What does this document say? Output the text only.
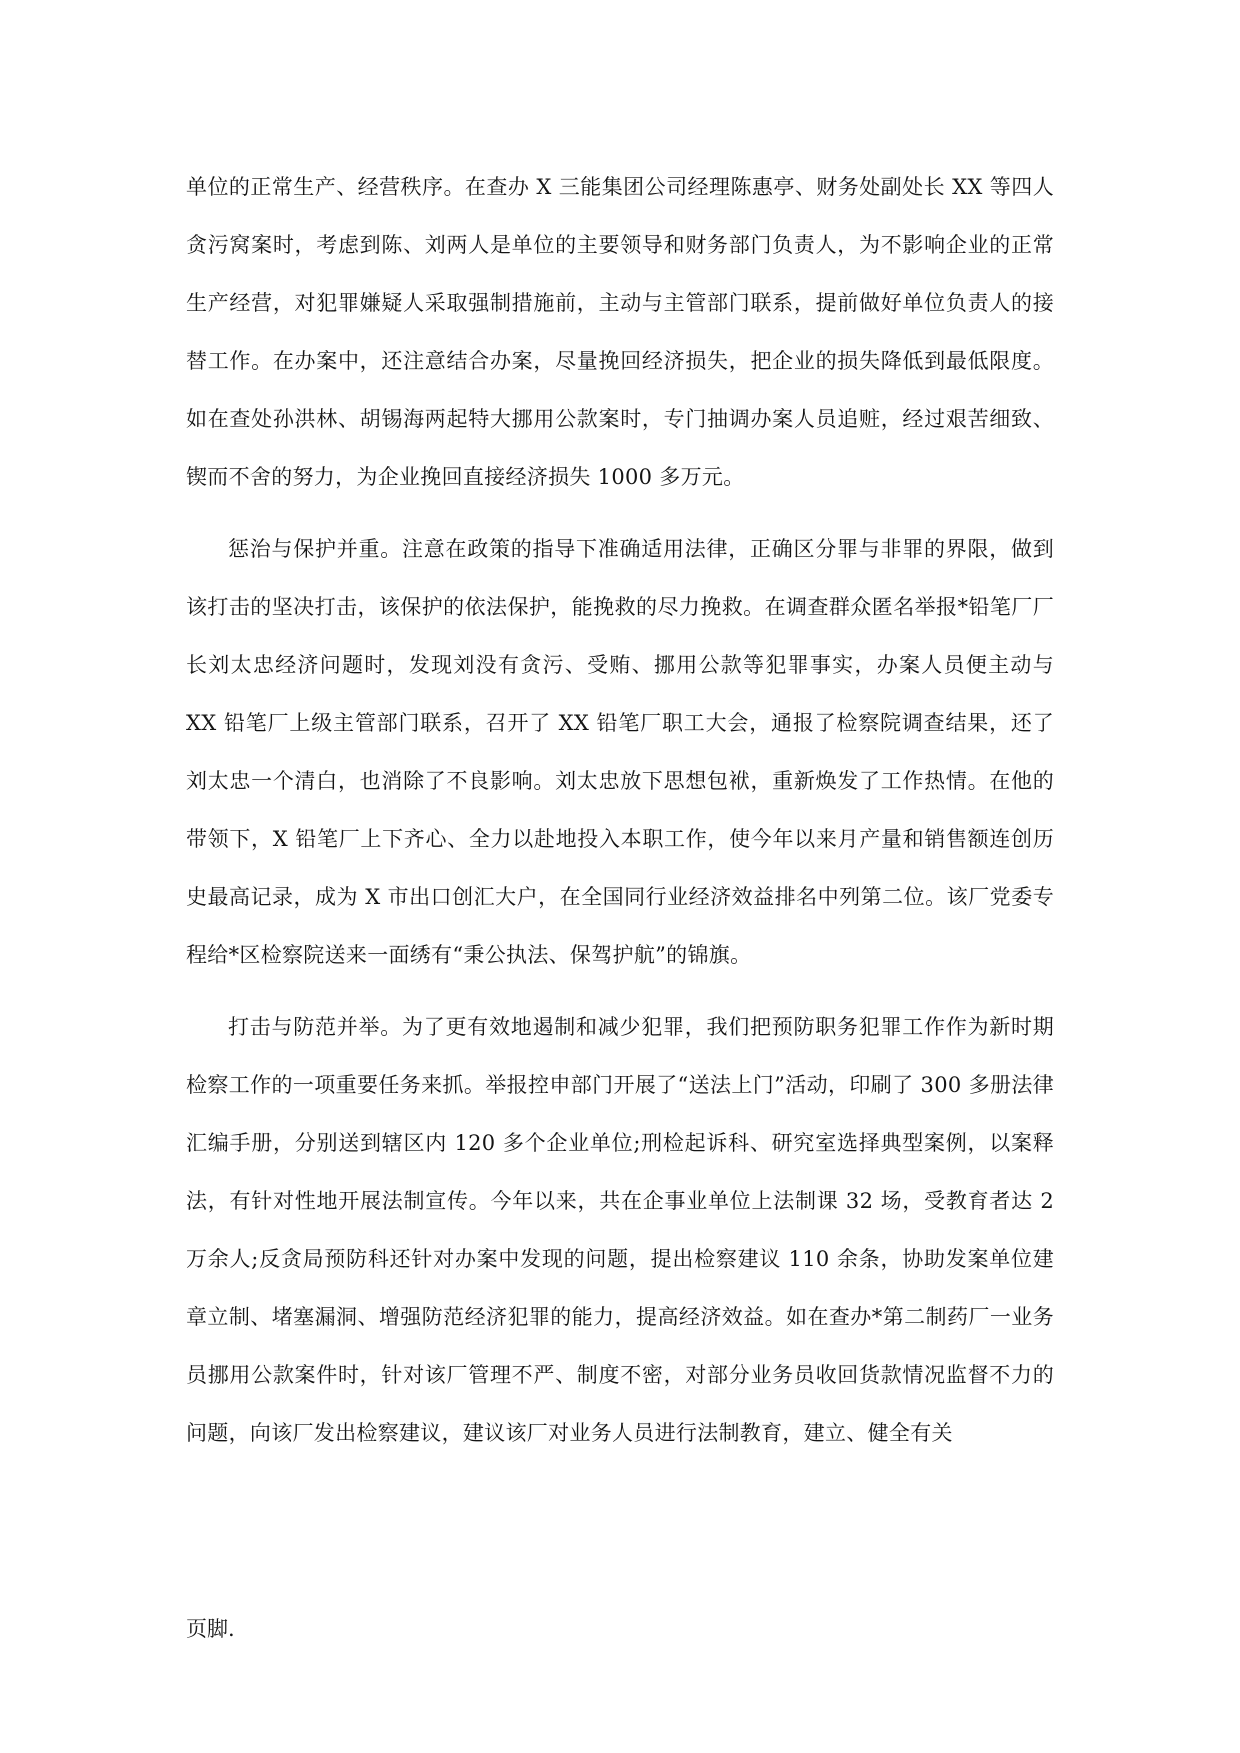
单位的正常生产、经营秩序。在查办 X 三能集团公司经理陈惠亭、财务处副处长 XX 等四人贪污窝案时，考虑到陈、刘两人是单位的主要领导和财务部门负责人，为不影响企业的正常生产经营，对犯罪嫌疑人采取强制措施前，主动与主管部门联系，提前做好单位负责人的接替工作。在办案中，还注意结合办案，尽量挽回经济损失，把企业的损失降低到最低限度。如在查处孙洪林、胡锡海两起特大挪用公款案时，专门抽调办案人员追赃，经过艰苦细致、锲而不舍的努力，为企业挽回直接经济损失 1000 多万元。

惩治与保护并重。注意在政策的指导下准确适用法律，正确区分罪与非罪的界限，做到该打击的坚决打击，该保护的依法保护，能挽救的尽力挽救。在调查群众匿名举报*铅笔厂厂长刘太忠经济问题时，发现刘没有贪污、受贿、挪用公款等犯罪事实，办案人员便主动与 XX 铅笔厂上级主管部门联系，召开了 XX 铅笔厂职工大会，通报了检察院调查结果，还了刘太忠一个清白，也消除了不良影响。刘太忠放下思想包袱，重新焕发了工作热情。在他的带领下，X 铅笔厂上下齐心、全力以赴地投入本职工作，使今年以来月产量和销售额连创历史最高记录，成为 X 市出口创汇大户，在全国同行业经济效益排名中列第二位。该厂党委专程给*区检察院送来一面绣有“秉公执法、保驾护航”的锦旗。

打击与防范并举。为了更有效地遏制和减少犯罪，我们把预防职务犯罪工作作为新时期检察工作的一项重要任务来抓。举报控申部门开展了“送法上门”活动，印刷了 300 多册法律汇编手册，分别送到辖区内 120 多个企业单位;刑检起诉科、研究室选择典型案例，以案释法，有针对性地开展法制宣传。今年以来，共在企事业单位上法制课 32 场，受教育者达 2 万余人;反贪局预防科还针对办案中发现的问题，提出检察建议 110 余条，协助发案单位建章立制、堵塞漏洞、增强防范经济犯罪的能力，提高经济效益。如在查办*第二制药厂一业务员挪用公款案件时，针对该厂管理不严、制度不密，对部分业务员收回货款情况监督不力的问题，向该厂发出检察建议，建议该厂对业务人员进行法制教育，建立、健全有关

页脚.
